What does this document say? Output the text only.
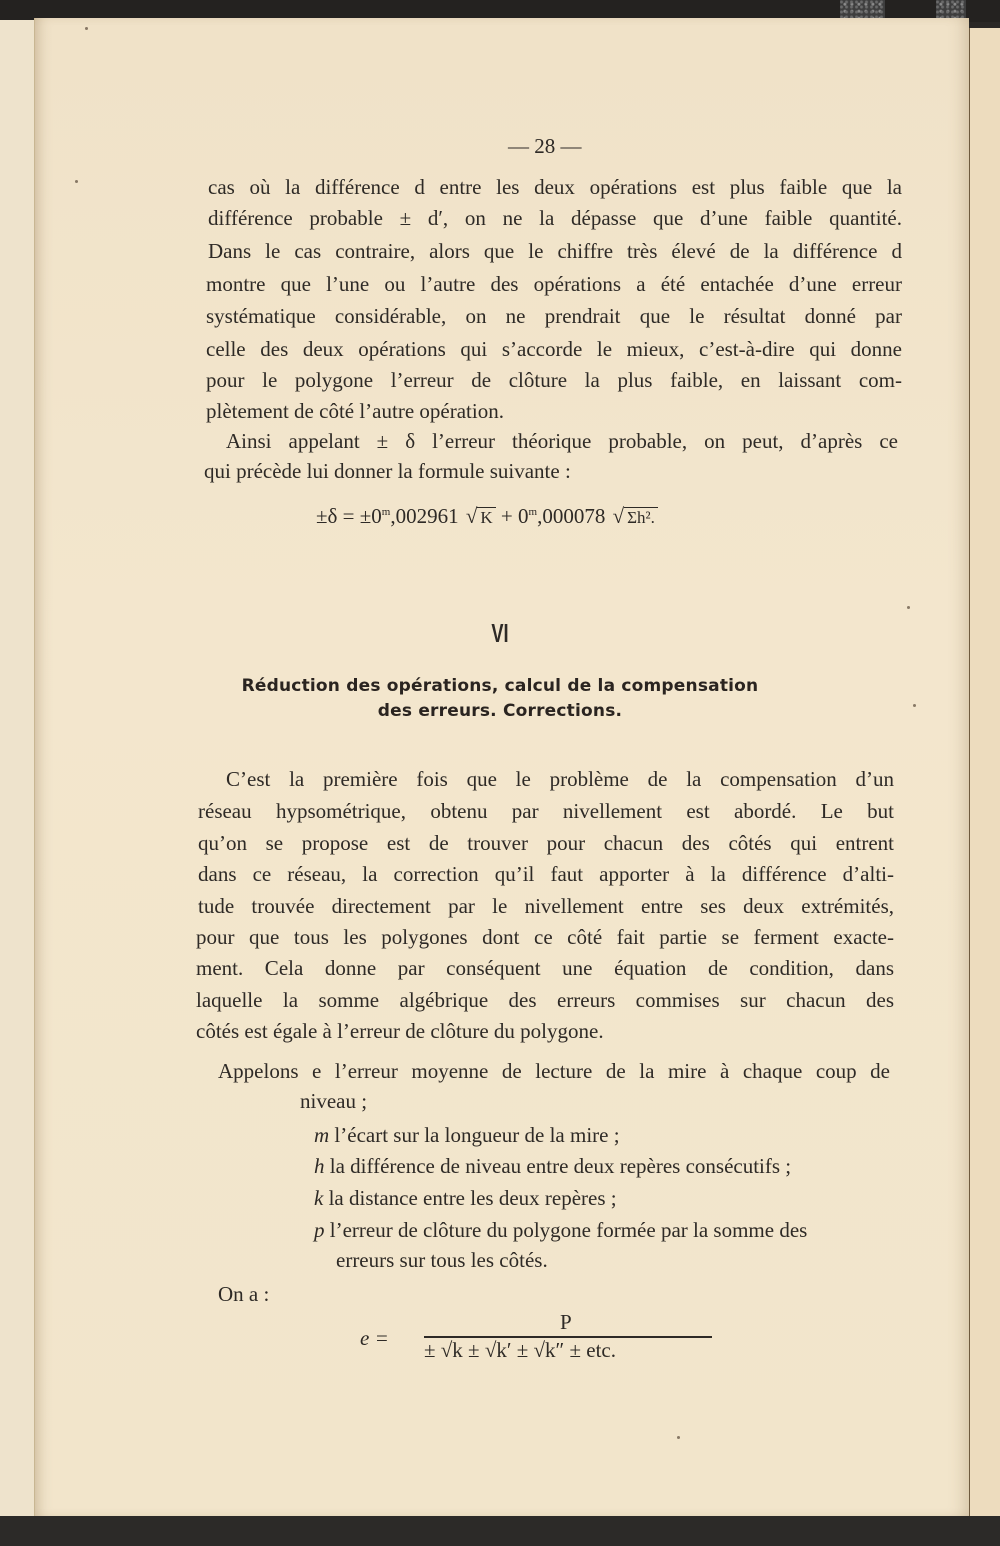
— 28 —
cas où la différence d entre les deux opérations est plus faible que la
différence probable ± d′, on ne la dépasse que d’une faible quantité.
Dans le cas contraire, alors que le chiffre très élevé de la différence d
montre que l’une ou l’autre des opérations a été entachée d’une erreur
systématique considérable, on ne prendrait que le résultat donné par
celle des deux opérations qui s’accorde le mieux, c’est-à-dire qui donne
pour le polygone l’erreur de clôture la plus faible, en laissant com-
plètement de côté l’autre opération.
Ainsi appelant ± δ l’erreur théorique probable, on peut, d’après ce
qui précède lui donner la formule suivante :
$\pm\delta = \pm 0^m,002961$ √ $K + 0^m,000078$ √ Σh².
VI
Réduction des opérations, calcul de la compensation
des erreurs. Corrections.
C’est la première fois que le problème de la compensation d’un
réseau hypsométrique, obtenu par nivellement est abordé. Le but
qu’on se propose est de trouver pour chacun des côtés qui entrent
dans ce réseau, la correction qu’il faut apporter à la différence d’alti-
tude trouvée directement par le nivellement entre ses deux extrémités,
pour que tous les polygones dont ce côté fait partie se ferment exacte-
ment. Cela donne par conséquent une équation de condition, dans
laquelle la somme algébrique des erreurs commises sur chacun des
côtés est égale à l’erreur de clôture du polygone.
Appelons e l’erreur moyenne de lecture de la mire à chaque coup de
niveau ;
m l’écart sur la longueur de la mire ;
h la différence de niveau entre deux repères consécutifs ;
k la distance entre les deux repères ;
p l’erreur de clôture du polygone formée par la somme des
erreurs sur tous les côtés.
On a :
e =
P
± √k ± √k′ ± √k″ ± etc.
